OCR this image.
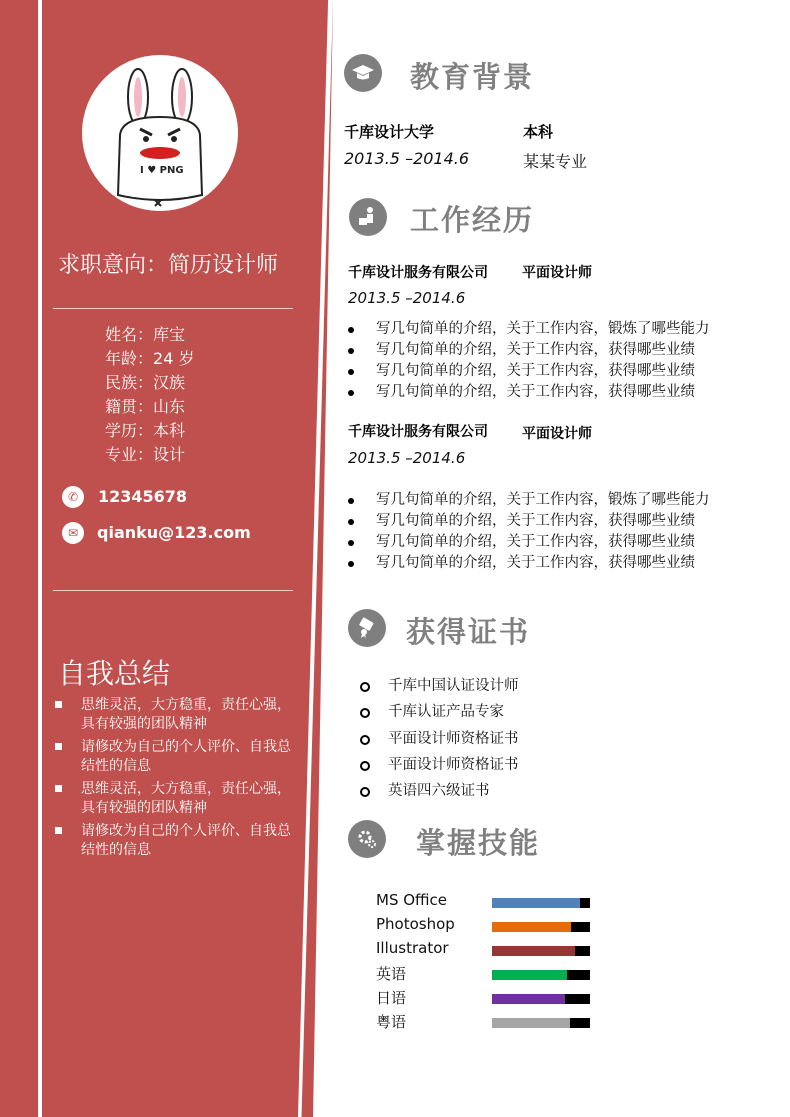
I ♥ PNG
求职意向：简历设计师
姓名：库宝
年龄：24 岁
民族：汉族
籍贯：山东
学历：本科
专业：设计
✆	12345678
✉	qianku@123.com
自我总结
思维灵活，大方稳重，责任心强，具有较强的团队精神
请修改为自己的个人评价、自我总结性的信息
思维灵活，大方稳重，责任心强，具有较强的团队精神
请修改为自己的个人评价、自我总结性的信息
教育背景
千库设计大学	本科
2013.5 –2014.6	某某专业
工作经历
千库设计服务有限公司 平面设计师
2013.5 –2014.6
写几句简单的介绍，关于工作内容，锻炼了哪些能力
写几句简单的介绍，关于工作内容，获得哪些业绩
写几句简单的介绍，关于工作内容，获得哪些业绩
写几句简单的介绍，关于工作内容，获得哪些业绩
千库设计服务有限公司 平面设计师
2013.5 –2014.6
写几句简单的介绍，关于工作内容，锻炼了哪些能力
写几句简单的介绍，关于工作内容，获得哪些业绩
写几句简单的介绍，关于工作内容，获得哪些业绩
写几句简单的介绍，关于工作内容，获得哪些业绩
获得证书
千库中国认证设计师
千库认证产品专家
平面设计师资格证书
平面设计师资格证书
英语四六级证书
掌握技能
MS Office
Photoshop
Illustrator
英语
日语
粤语
